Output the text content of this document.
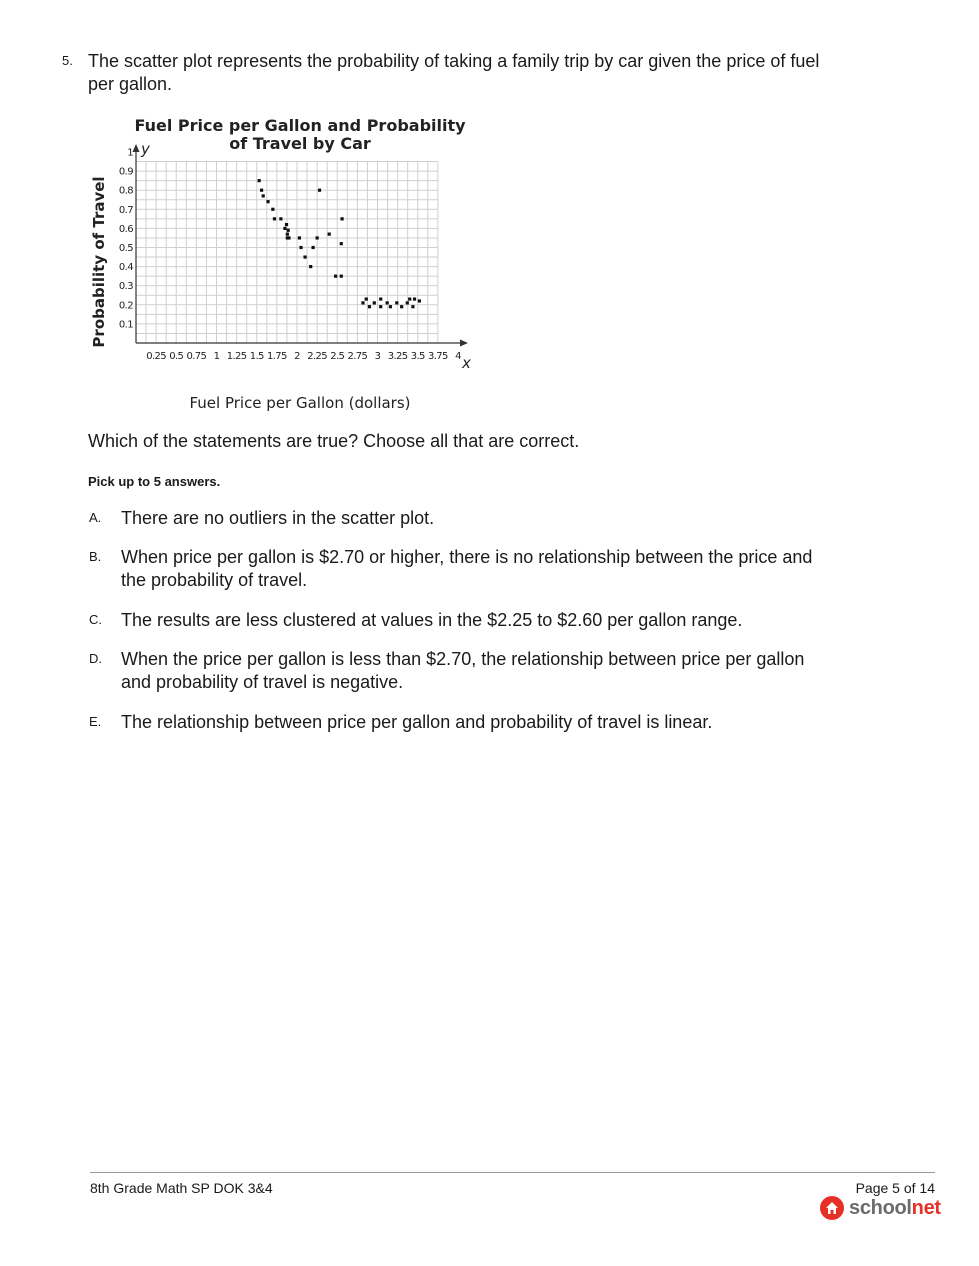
5. The scatter plot represents the probability of taking a family trip by car given the price of fuel per gallon.
Fuel Price per Gallon and Probability
of Travel by Car
0.25 0.5 0.75 1 1.25 1.5 1.75 2 2.25 2.5 2.75 3 3.25 3.5 3.75 4
0.1
0.2
0.3
0.4
0.5
0.6
0.7
0.8
0.9
1
Fuel Price per Gallon (dollars)
Probability of Travel
x
y
Which of the statements are true? Choose all that are correct.
Pick up to 5 answers.
A. There are no outliers in the scatter plot.
B. When price per gallon is $2.70 or higher, there is no relationship between the price and the probability of travel.
C. The results are less clustered at values in the $2.25 to $2.60 per gallon range.
D. When the price per gallon is less than $2.70, the relationship between price per gallon and probability of travel is negative.
E. The relationship between price per gallon and probability of travel is linear.
8th Grade Math SP DOK 3&4	Page 5 of 14
schoolnet
